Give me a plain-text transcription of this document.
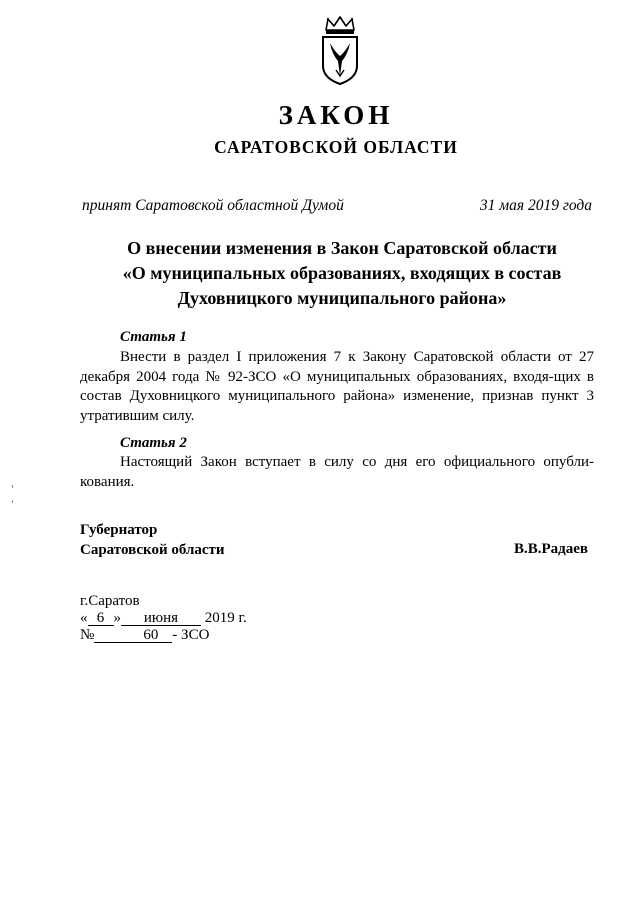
ЗАКОН
САРАТОВСКОЙ ОБЛАСТИ
принят Саратовской областной Думой	31 мая 2019 года
О внесении изменения в Закон Саратовской области
«О муниципальных образованиях, входящих в состав
Духовницкого муниципального района»
Статья 1
Внести в раздел I приложения 7 к Закону Саратовской области от 27 декабря 2004 года № 92-ЗСО «О муниципальных образованиях, входя-щих в состав Духовницкого муниципального района» изменение, признав пункт 3 утратившим силу.
Статья 2
Настоящий Закон вступает в силу со дня его официального опубли-кования.
Губернатор
Саратовской области	В.В.Радаев
г.Саратов
« 6 » июня 2019 г.
№	60 - ЗСО
